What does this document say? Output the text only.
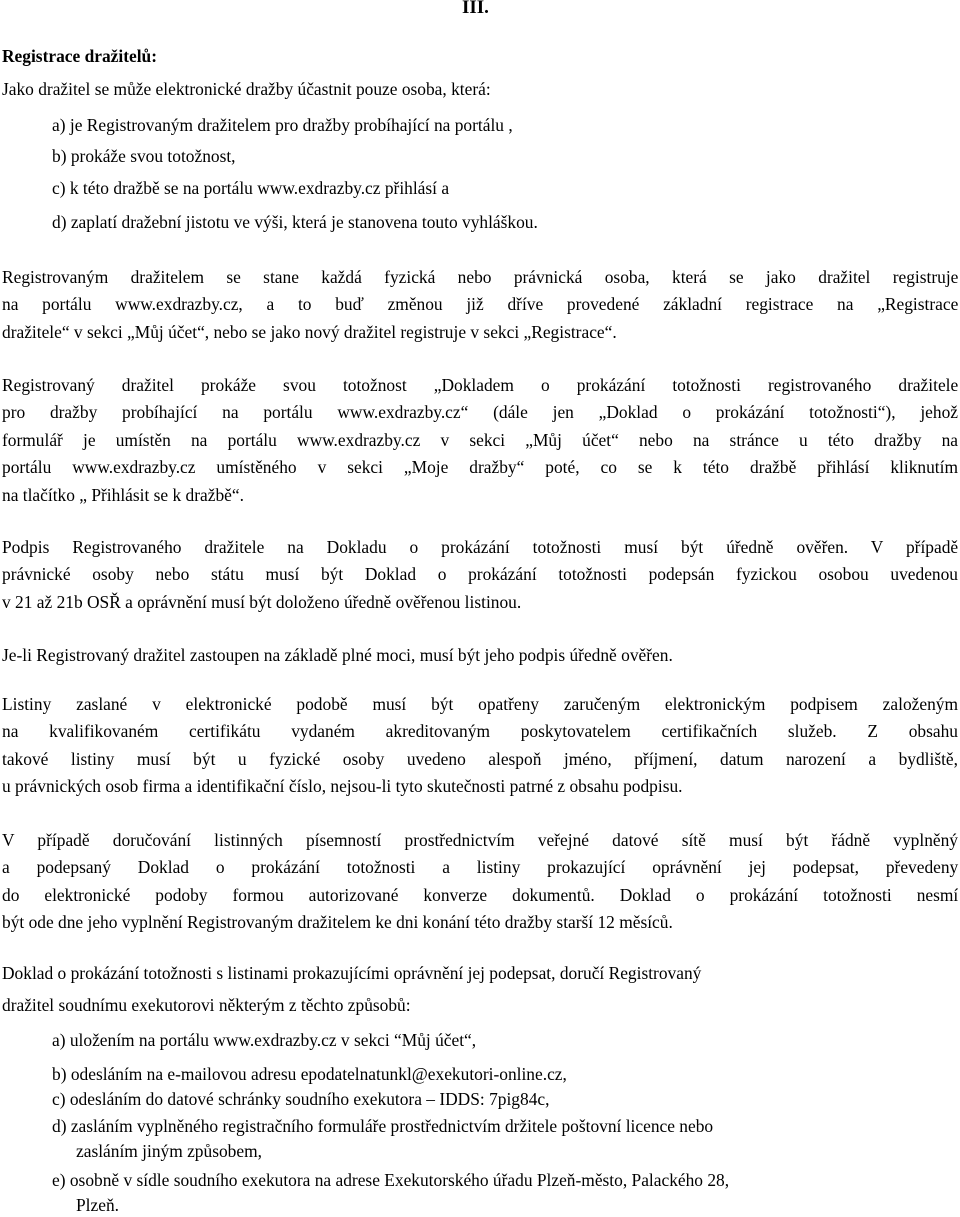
III.
Registrace dražitelů:
Jako dražitel se může elektronické dražby účastnit pouze osoba, která:
a) je Registrovaným dražitelem pro dražby probíhající na portálu ,
b) prokáže svou totožnost,
c) k této dražbě se na portálu www.exdrazby.cz přihlásí a
d) zaplatí dražební jistotu ve výši, která je stanovena touto vyhláškou.
Registrovaným dražitelem se stane každá fyzická nebo právnická osoba, která se jako dražitel registruje
na portálu www.exdrazby.cz, a to buď změnou již dříve provedené základní registrace na „Registrace
dražitele“ v sekci „Můj účet“, nebo se jako nový dražitel registruje v sekci „Registrace“.
Registrovaný dražitel prokáže svou totožnost „Dokladem o prokázání totožnosti registrovaného dražitele
pro dražby probíhající na portálu www.exdrazby.cz“ (dále jen „Doklad o prokázání totožnosti“), jehož
formulář je umístěn na portálu www.exdrazby.cz v sekci „Můj účet“ nebo na stránce u této dražby na
portálu www.exdrazby.cz umístěného v sekci „Moje dražby“ poté, co se k této dražbě přihlásí kliknutím
na tlačítko „ Přihlásit se k dražbě“.
Podpis Registrovaného dražitele na Dokladu o prokázání totožnosti musí být úředně ověřen. V případě
právnické osoby nebo státu musí být Doklad o prokázání totožnosti podepsán fyzickou osobou uvedenou
v 21 až 21b OSŘ a oprávnění musí být doloženo úředně ověřenou listinou.
Je-li Registrovaný dražitel zastoupen na základě plné moci, musí být jeho podpis úředně ověřen.
Listiny zaslané v elektronické podobě musí být opatřeny zaručeným elektronickým podpisem založeným
na kvalifikovaném certifikátu vydaném akreditovaným poskytovatelem certifikačních služeb. Z obsahu
takové listiny musí být u fyzické osoby uvedeno alespoň jméno, příjmení, datum narození a bydliště,
u právnických osob firma a identifikační číslo, nejsou-li tyto skutečnosti patrné z obsahu podpisu.
V případě doručování listinných písemností prostřednictvím veřejné datové sítě musí být řádně vyplněný
a podepsaný Doklad o prokázání totožnosti a listiny prokazující oprávnění jej podepsat, převedeny
do elektronické podoby formou autorizované konverze dokumentů. Doklad o prokázání totožnosti nesmí
být ode dne jeho vyplnění Registrovaným dražitelem ke dni konání této dražby starší 12 měsíců.
Doklad o prokázání totožnosti s listinami prokazujícími oprávnění jej podepsat, doručí Registrovaný
dražitel soudnímu exekutorovi některým z těchto způsobů:
a) uložením na portálu www.exdrazby.cz v sekci “Můj účet“,
b) odesláním na e-mailovou adresu epodatelnatunkl@exekutori-online.cz,
c) odesláním do datové schránky soudního exekutora – IDDS: 7pig84c,
d) zasláním vyplněného registračního formuláře prostřednictvím držitele poštovní licence nebo
zasláním jiným způsobem,
e) osobně v sídle soudního exekutora na adrese Exekutorského úřadu Plzeň-město, Palackého 28,
Plzeň.
